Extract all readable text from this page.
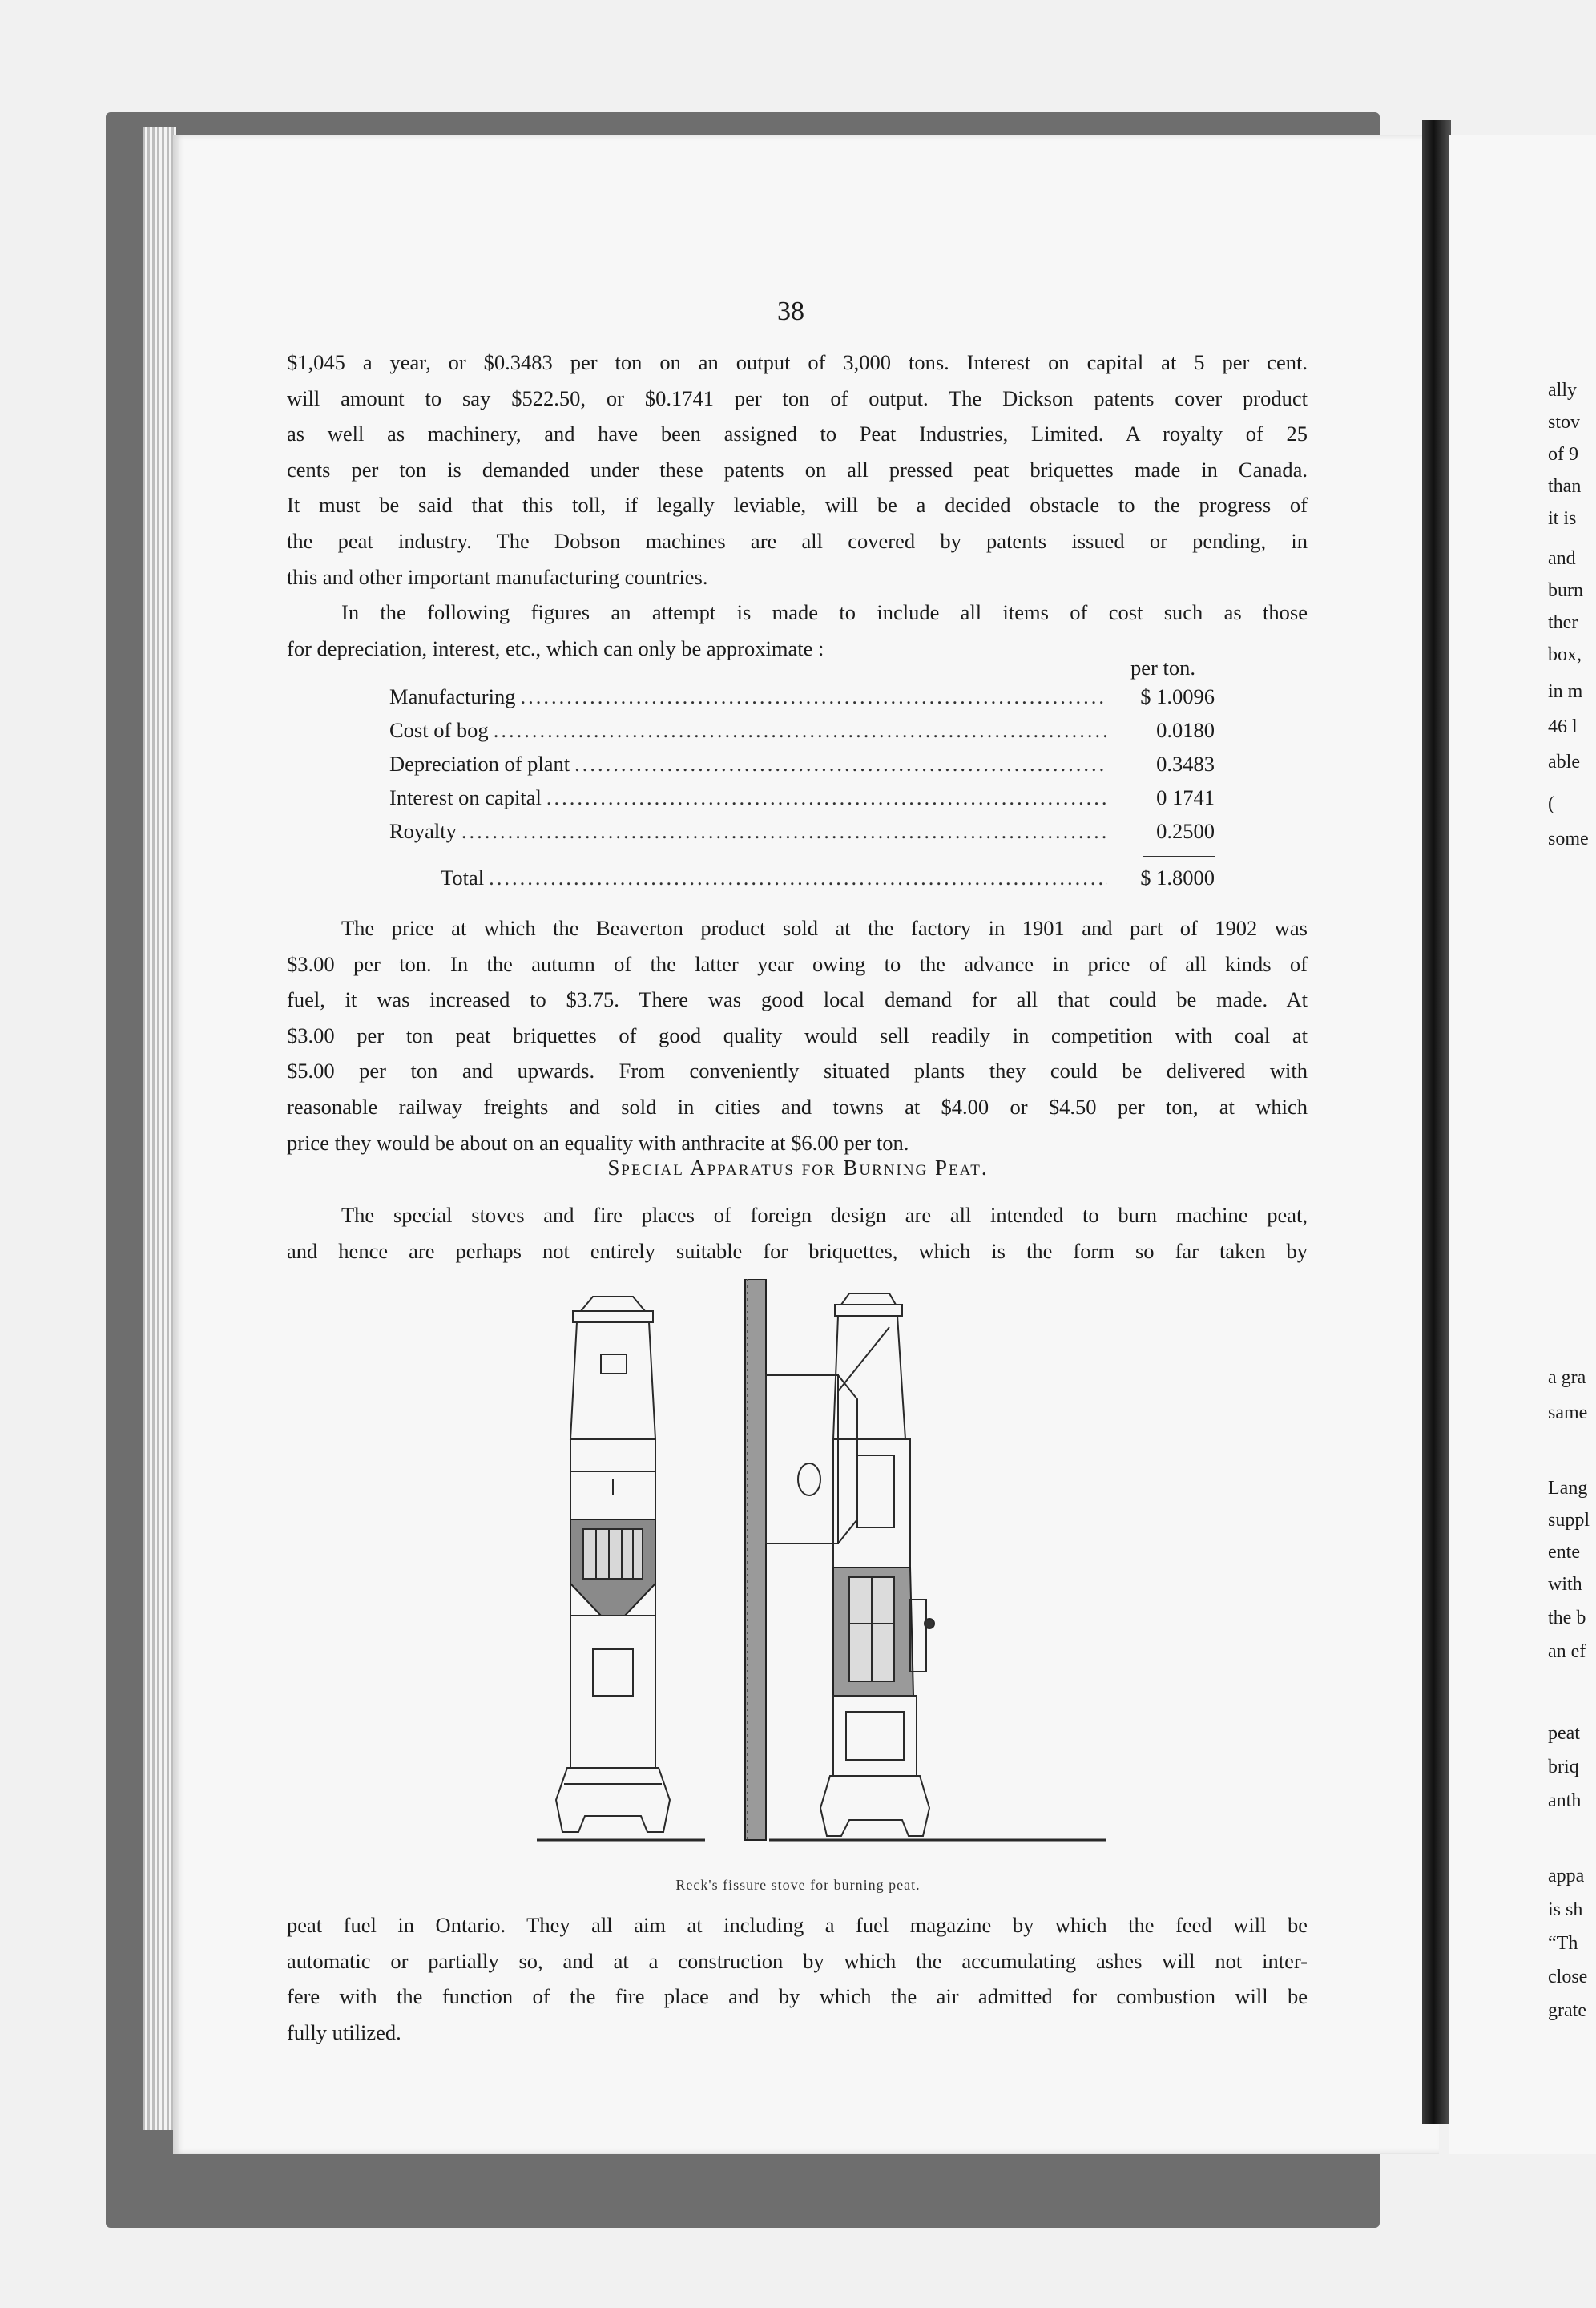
38
$1,045 a year, or $0.3483 per ton on an output of 3,000 tons. Interest on capital at 5 per cent.
will amount to say $522.50, or $0.1741 per ton of output. The Dickson patents cover product
as well as machinery, and have been assigned to Peat Industries, Limited. A royalty of 25
cents per ton is demanded under these patents on all pressed peat briquettes made in Canada.
It must be said that this toll, if legally leviable, will be a decided obstacle to the progress of
the peat industry. The Dobson machines are all covered by patents issued or pending, in
this and other important manufacturing countries.
In the following figures an attempt is made to include all items of cost such as those
for depreciation, interest, etc., which can only be approximate :
per ton.
Manufacturing .....	$ 1.0096
Cost of bog .....	0.0180
Depreciation of plant .....	0.3483
Interest on capital .....	0 1741
Royalty .....	0.2500
Total .....	$ 1.8000
The price at which the Beaverton product sold at the factory in 1901 and part of 1902 was
$3.00 per ton. In the autumn of the latter year owing to the advance in price of all kinds of
fuel, it was increased to $3.75. There was good local demand for all that could be made. At
$3.00 per ton peat briquettes of good quality would sell readily in competition with coal at
$5.00 per ton and upwards. From conveniently situated plants they could be delivered with
reasonable railway freights and sold in cities and towns at $4.00 or $4.50 per ton, at which
price they would be about on an equality with anthracite at $6.00 per ton.
Special Apparatus for Burning Peat.
The special stoves and fire places of foreign design are all intended to burn machine peat,
and hence are perhaps not entirely suitable for briquettes, which is the form so far taken by
Reck's fissure stove for burning peat.
peat fuel in Ontario. They all aim at including a fuel magazine by which the feed will be
automatic or partially so, and at a construction by which the accumulating ashes will not inter-
fere with the function of the fire place and by which the air admitted for combustion will be
fully utilized.
ally
stov
of 9
than
it is
and
burn
ther
box,
in m
46 l
able
(
some
a gra
same
Lang
suppl
ente
with
the b
an ef
peat
briq
anth
appa
is sh
“Th
close
grate
